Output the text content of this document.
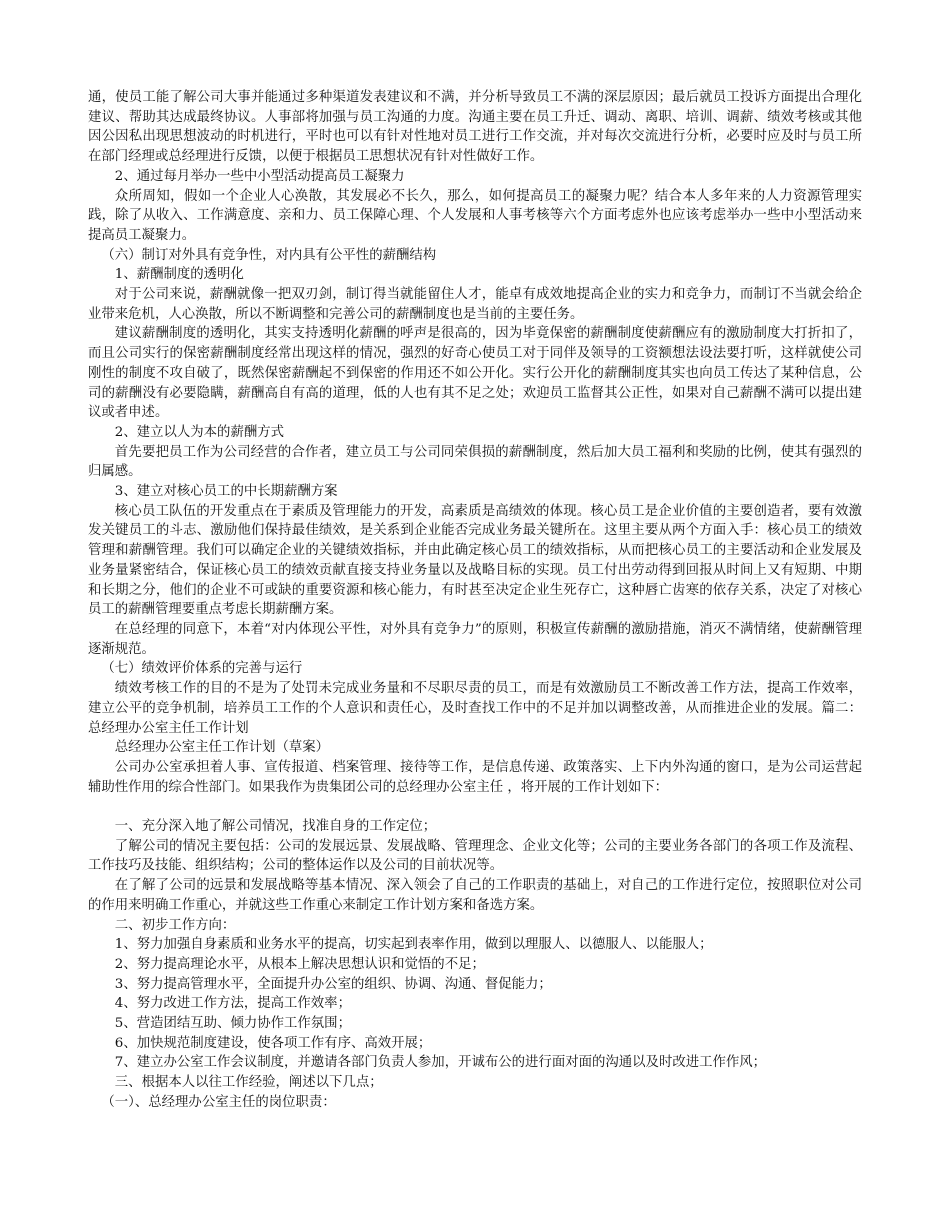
通，使员工能了解公司大事并能通过多种渠道发表建议和不满，并分析导致员工不满的深层原因；最后就员工投诉方面提出合理化建议、帮助其达成最终协议。人事部将加强与员工沟通的力度。沟通主要在员工升迁、调动、离职、培训、调薪、绩效考核或其他因公因私出现思想波动的时机进行，平时也可以有针对性地对员工进行工作交流，并对每次交流进行分析，必要时应及时与员工所在部门经理或总经理进行反馈，以便于根据员工思想状况有针对性做好工作。

2、通过每月举办一些中小型活动提高员工凝聚力

众所周知，假如一个企业人心涣散，其发展必不长久，那么，如何提高员工的凝聚力呢？结合本人多年来的人力资源管理实践，除了从收入、工作满意度、亲和力、员工保障心理、个人发展和人事考核等六个方面考虑外也应该考虑举办一些中小型活动来提高员工凝聚力。

（六）制订对外具有竞争性，对内具有公平性的薪酬结构

1、薪酬制度的透明化

对于公司来说，薪酬就像一把双刃剑，制订得当就能留住人才，能卓有成效地提高企业的实力和竞争力，而制订不当就会给企业带来危机，人心涣散，所以不断调整和完善公司的薪酬制度也是当前的主要任务。

建议薪酬制度的透明化，其实支持透明化薪酬的呼声是很高的，因为毕竟保密的薪酬制度使薪酬应有的激励制度大打折扣了，而且公司实行的保密薪酬制度经常出现这样的情况，强烈的好奇心使员工对于同伴及领导的工资额想法设法要打听，这样就使公司刚性的制度不攻自破了，既然保密薪酬起不到保密的作用还不如公开化。实行公开化的薪酬制度其实也向员工传达了某种信息，公司的薪酬没有必要隐瞒，薪酬高自有高的道理，低的人也有其不足之处；欢迎员工监督其公正性，如果对自己薪酬不满可以提出建议或者申述。

2、建立以人为本的薪酬方式

首先要把员工作为公司经营的合作者，建立员工与公司同荣俱损的薪酬制度，然后加大员工福利和奖励的比例，使其有强烈的归属感。

3、建立对核心员工的中长期薪酬方案

核心员工队伍的开发重点在于素质及管理能力的开发，高素质是高绩效的体现。核心员工是企业价值的主要创造者，要有效激发关键员工的斗志、激励他们保持最佳绩效，是关系到企业能否完成业务最关键所在。这里主要从两个方面入手：核心员工的绩效管理和薪酬管理。我们可以确定企业的关键绩效指标，并由此确定核心员工的绩效指标，从而把核心员工的主要活动和企业发展及业务量紧密结合，保证核心员工的绩效贡献直接支持业务量以及战略目标的实现。员工付出劳动得到回报从时间上又有短期、中期和长期之分，他们的企业不可或缺的重要资源和核心能力，有时甚至决定企业生死存亡，这种唇亡齿寒的依存关系，决定了对核心员工的薪酬管理要重点考虑长期薪酬方案。

在总经理的同意下，本着“对内体现公平性，对外具有竞争力”的原则，积极宣传薪酬的激励措施，消灭不满情绪，使薪酬管理逐渐规范。

（七）绩效评价体系的完善与运行

绩效考核工作的目的不是为了处罚未完成业务量和不尽职尽责的员工，而是有效激励员工不断改善工作方法，提高工作效率，建立公平的竞争机制，培养员工工作的个人意识和责任心，及时查找工作中的不足并加以调整改善，从而推进企业的发展。篇二：总经理办公室主任工作计划

总经理办公室主任工作计划（草案）

公司办公室承担着人事、宣传报道、档案管理、接待等工作，是信息传递、政策落实、上下内外沟通的窗口，是为公司运营起辅助性作用的综合性部门。如果我作为贵集团公司的总经理办公室主任 ，将开展的工作计划如下：

一、充分深入地了解公司情况，找准自身的工作定位；

了解公司的情况主要包括：公司的发展远景、发展战略、管理理念、企业文化等；公司的主要业务各部门的各项工作及流程、工作技巧及技能、组织结构；公司的整体运作以及公司的目前状况等。

在了解了公司的远景和发展战略等基本情况、深入领会了自己的工作职责的基础上，对自己的工作进行定位，按照职位对公司的作用来明确工作重心，并就这些工作重心来制定工作计划方案和备选方案。

二、初步工作方向：

1、努力加强自身素质和业务水平的提高，切实起到表率作用，做到以理服人、以德服人、以能服人；

2、努力提高理论水平，从根本上解决思想认识和觉悟的不足；

3、努力提高管理水平，全面提升办公室的组织、协调、沟通、督促能力；

4、努力改进工作方法，提高工作效率；

5、营造团结互助、倾力协作工作氛围；

6、加快规范制度建设，使各项工作有序、高效开展；

7、建立办公室工作会议制度，并邀请各部门负责人参加，开诚布公的进行面对面的沟通以及时改进工作作风；

三、根据本人以往工作经验，阐述以下几点；

（一）、总经理办公室主任的岗位职责：
